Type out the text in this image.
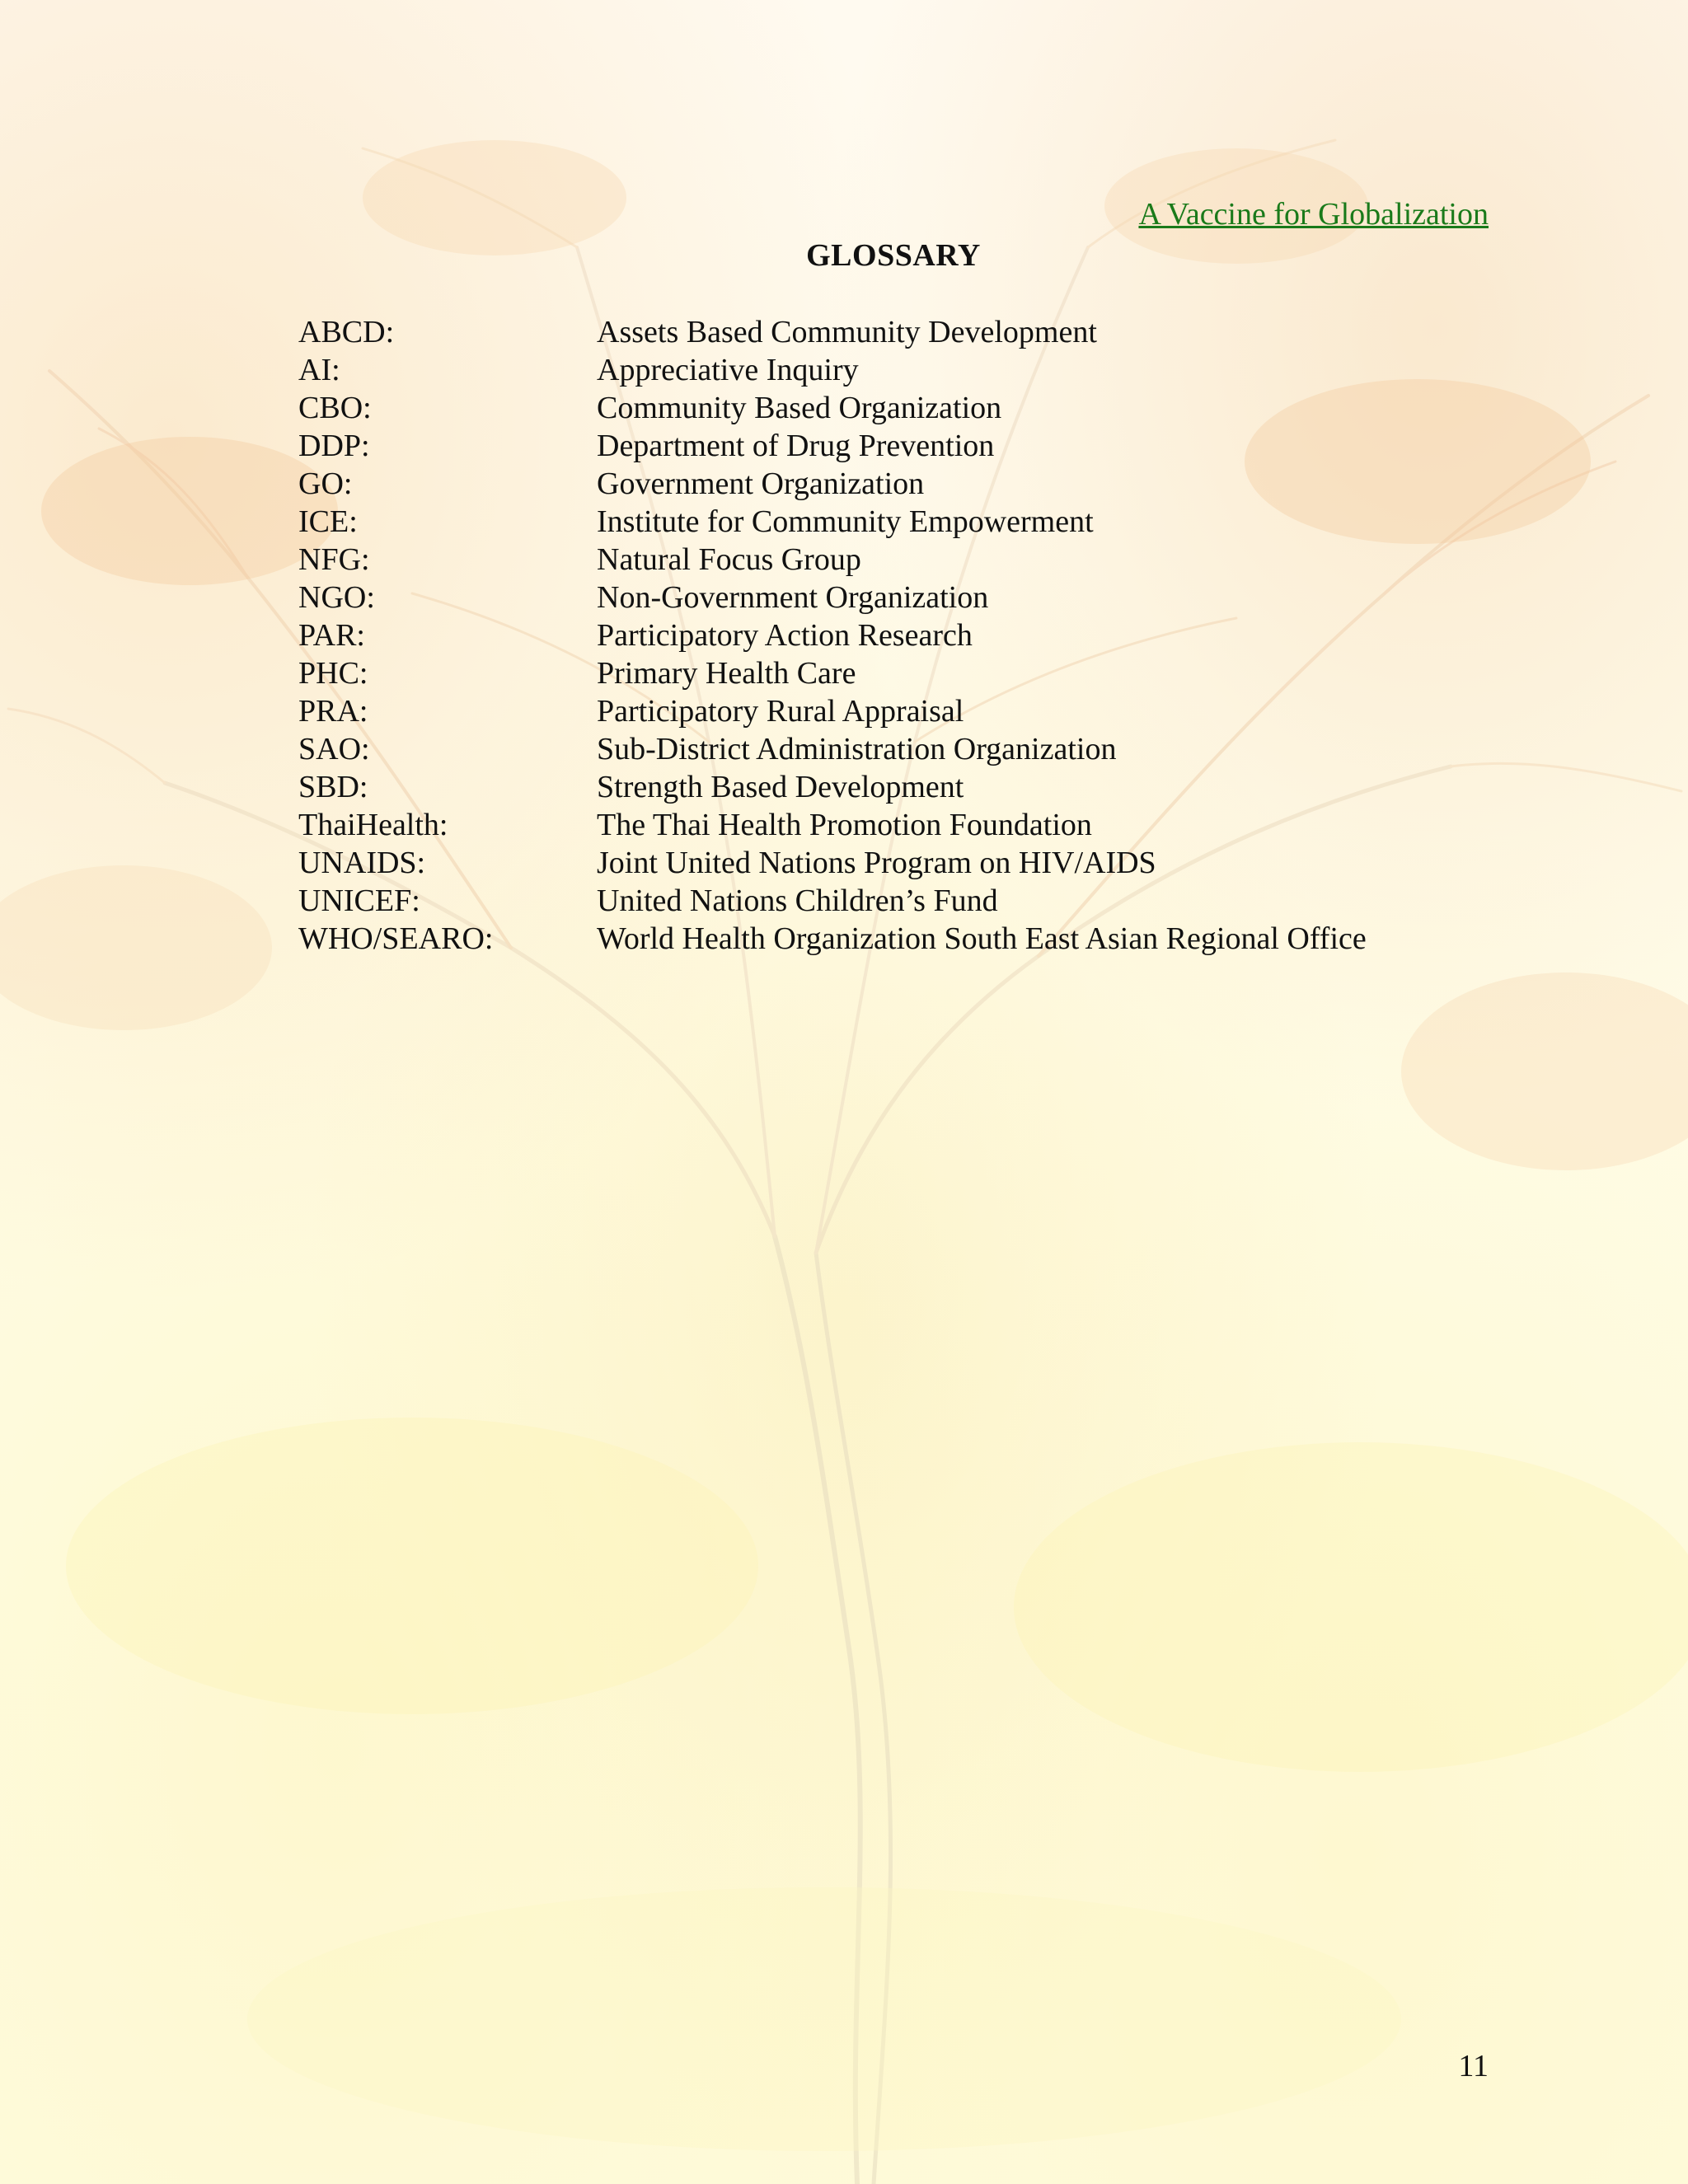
A Vaccine for Globalization
GLOSSARY
ABCD:	Assets Based Community Development
AI:	Appreciative Inquiry
CBO:	Community Based Organization
DDP:	Department of Drug Prevention
GO:	Government Organization
ICE:	Institute for Community Empowerment
NFG:	Natural Focus Group
NGO:	Non-Government Organization
PAR:	Participatory Action Research
PHC:	Primary Health Care
PRA:	Participatory Rural Appraisal
SAO:	Sub-District Administration Organization
SBD:	Strength Based Development
ThaiHealth:	The Thai Health Promotion Foundation
UNAIDS:	Joint United Nations Program on HIV/AIDS
UNICEF:	United Nations Children’s Fund
WHO/SEARO:	World Health Organization South East Asian Regional Office
11
